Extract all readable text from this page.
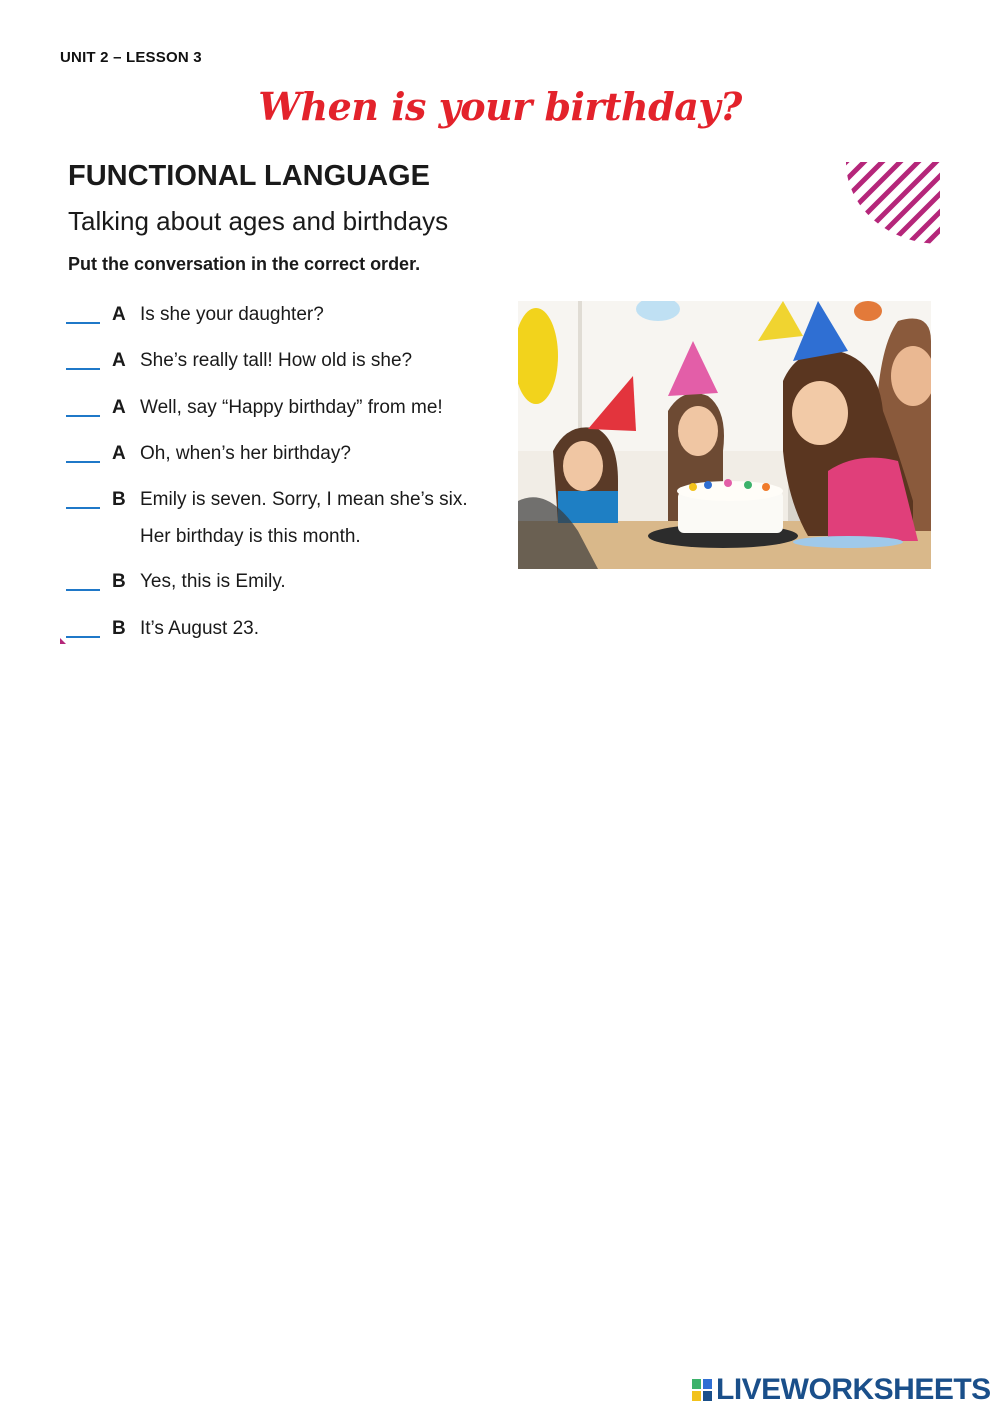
UNIT 2 – LESSON 3
When is your birthday?
FUNCTIONAL LANGUAGE
Talking about ages and birthdays
Put the conversation in the correct order.
A Is she your daughter?
A She’s really tall! How old is she?
A Well, say “Happy birthday” from me!
A Oh, when’s her birthday?
B Emily is seven. Sorry, I mean she’s six.
Her birthday is this month.
B Yes, this is Emily.
B It’s August 23.
LIVEWORKSHEETS
